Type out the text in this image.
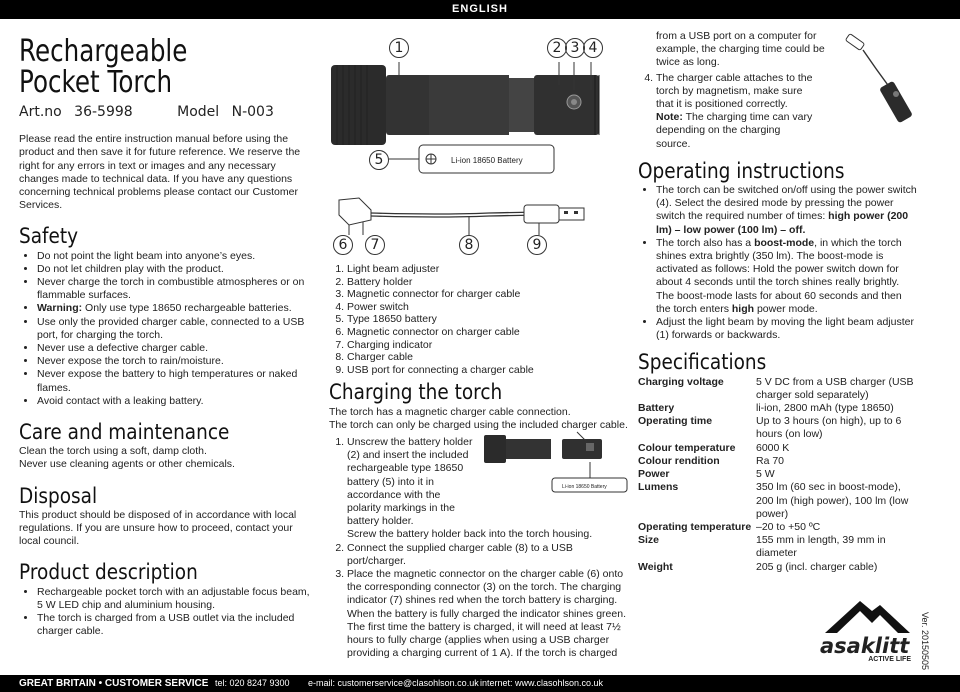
ENGLISH
Rechargeable
Pocket Torch
Art.no 36-5998	Model N-003

Please read the entire instruction manual before using the product and then save it for future reference. We reserve the right for any errors in text or images and any necessary changes made to technical data. If you have any questions concerning technical problems please contact our Customer Services.

Safety
• Do not point the light beam into anyone’s eyes.
• Do not let children play with the product.
• Never charge the torch in combustible atmospheres or on flammable surfaces.
• Warning: Only use type 18650 rechargeable batteries.
• Use only the provided charger cable, connected to a USB port, for charging the torch.
• Never use a defective charger cable.
• Never expose the torch to rain/moisture.
• Never expose the battery to high temperatures or naked flames.
• Avoid contact with a leaking battery.
Care and maintenance

Clean the torch using a soft, damp cloth.

Never use cleaning agents or other chemicals.

Disposal

This product should be disposed of in accordance with local regulations. If you are unsure how to proceed, contact your local council.

Product description
• Rechargeable pocket torch with an adjustable focus beam, 5 W LED chip and aluminium housing.
• The torch is charged from a USB outlet via the included charger cable.
1	2 3 4
5
6	7	8	9
Li-ion 18650 Battery
1. Light beam adjuster
2. Battery holder
3. Magnetic connector for charger cable
4. Power switch
5. Type 18650 battery
6. Magnetic connector on charger cable
7. Charging indicator
8. Charger cable
9. USB port for connecting a charger cable
Charging the torch

The torch has a magnetic charger cable connection.

The torch can only be charged using the included charger cable.

1. Unscrew the battery holder (2) and insert the included rechargeable type 18650 battery (5) into it in accordance with the polarity markings in the battery holder.
Li-ion 18650 Battery
Screw the battery holder back into the torch housing.
2. Connect the supplied charger cable (8) to a USB port/charger.
3. Place the magnetic connector on the charger cable (6) onto the corresponding connector (3) on the torch. The charging indicator (7) shines red when the torch battery is charging. When the battery is fully charged the indicator shines green. The first time the battery is charged, it will need at least 7½ hours to fully charge (applies when using a USB charger providing a charging current of 1 A). If the torch is charged

from a USB port on a computer for example, the charging time could be twice as long.

4. The charger cable attaches to the torch by magnetism, make sure that it is positioned correctly.
Note: The charging time can vary depending on the charging source.
Operating instructions
• The torch can be switched on/off using the power switch (4). Select the desired mode by pressing the power switch the required number of times: high power (200 lm) – low power (100 lm) – off.
• The torch also has a boost-mode, in which the torch shines extra brightly (350 lm). The boost-mode is activated as follows: Hold the power switch down for about 4 seconds until the torch shines really brightly. The boost-mode lasts for about 60 seconds and then the torch enters high power mode.
• Adjust the light beam by moving the light beam adjuster (1) forwards or backwards.
Specifications
Charging voltage	5 V DC from a USB charger (USB charger sold separately)
Battery	li-ion, 2800 mAh (type 18650)
Operating time	Up to 3 hours (on high), up to 6 hours (on low)
Colour temperature	6000 K
Colour rendition	Ra 70
Power	5 W
Lumens	350 lm (60 sec in boost-mode), 200 lm (high power), 100 lm (low power)
Operating temperature –20 to +50 ºC
Size	155 mm in length, 39 mm in diameter
Weight	205 g (incl. charger cable)
asaklitt
ACTIVE LIFE	Ver. 20150505
GREAT BRITAIN • CUSTOMER SERVICE tel: 020 8247 9300 e-mail: customerservice@clasohlson.co.uk internet: www.clasohlson.co.uk
